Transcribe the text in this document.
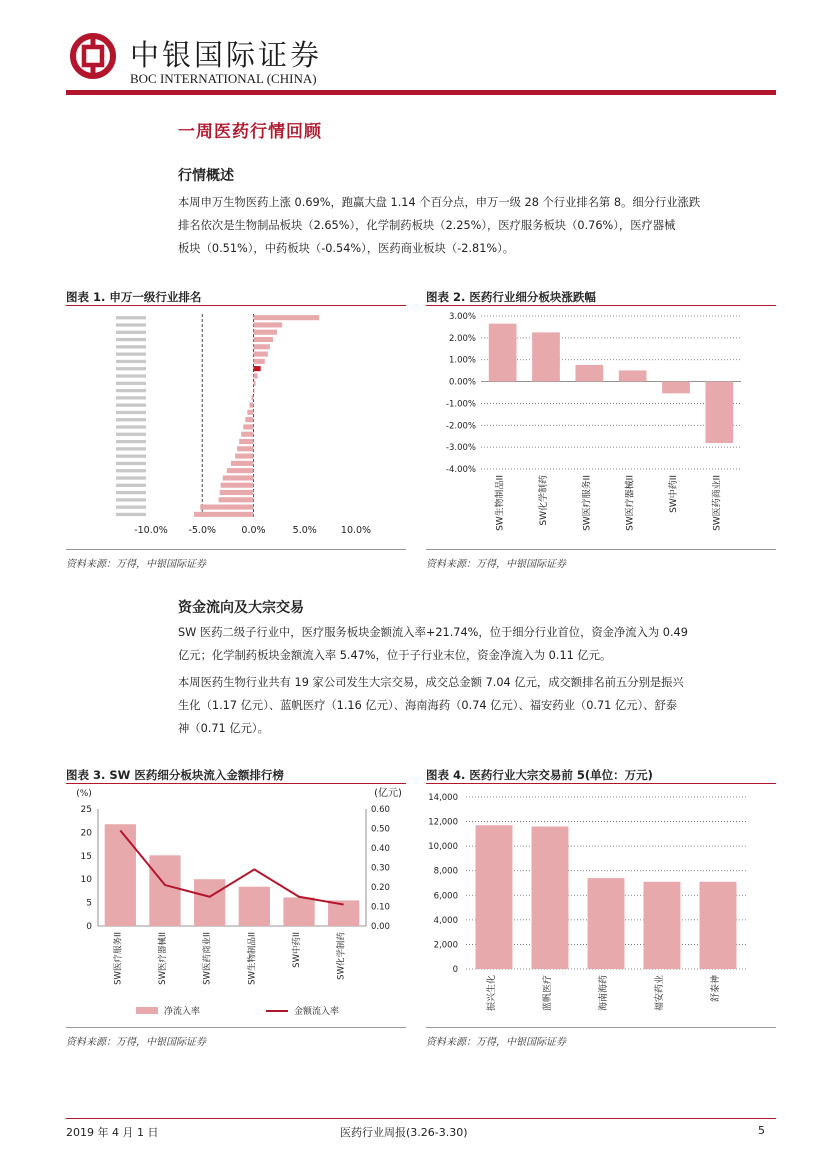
中银国际证券
BOC INTERNATIONAL (CHINA)
一周医药行情回顾
行情概述

本周申万生物医药上涨 0.69%，跑赢大盘 1.14 个百分点，申万一级 28 个行业排名第 8。细分行业涨跌

排名依次是生物制品板块（2.65%），化学制药板块（2.25%），医疗服务板块（0.76%），医疗器械

板块（0.51%），中药板块（-0.54%），医药商业板块（-2.81%）。

图表 1. 申万一级行业排名
-10.0% -5.0%	0.0%	5.0%	10.0%
资料来源：万得，中银国际证券
图表 2. 医药行业细分板块涨跌幅
3.00%
2.00%
1.00%
0.00%
-1.00%
-2.00%
-3.00%
-4.00%
SW生物制品II	SW化学制药	SW医疗服务II	SW医疗器械II	SW中药II	SW医药商业II
资料来源：万得，中银国际证券
资金流向及大宗交易

SW 医药二级子行业中，医疗服务板块金额流入率+21.74%，位于细分行业首位，资金净流入为 0.49

亿元；化学制药板块金额流入率 5.47%，位于子行业末位，资金净流入为 0.11 亿元。

本周医药生物行业共有 19 家公司发生大宗交易，成交总金额 7.04 亿元，成交额排名前五分别是振兴

生化（1.17 亿元）、蓝帆医疗（1.16 亿元）、海南海药（0.74 亿元）、福安药业（0.71 亿元）、舒泰

神（0.71 亿元）。

图表 3. SW 医药细分板块流入金额排行榜
(%)	(亿元)
25
20
15
10
5
0
0.60
0.50
0.40
0.30
0.20
0.10
0.00
SW医疗服务II	SW医疗器械II	SW医药商业II	SW生物制品II	SW中药II	SW化学制药
净流入率	金额流入率
资料来源：万得，中银国际证券
图表 4. 医药行业大宗交易前 5(单位：万元)
14,000
12,000
10,000
8,000
6,000
4,000
2,000
0
振兴生化	蓝帆医疗	海南海药	福安药业	舒泰神
资料来源：万得，中银国际证券
2019 年 4 月 1 日	医药行业周报(3.26-3.30)	5
